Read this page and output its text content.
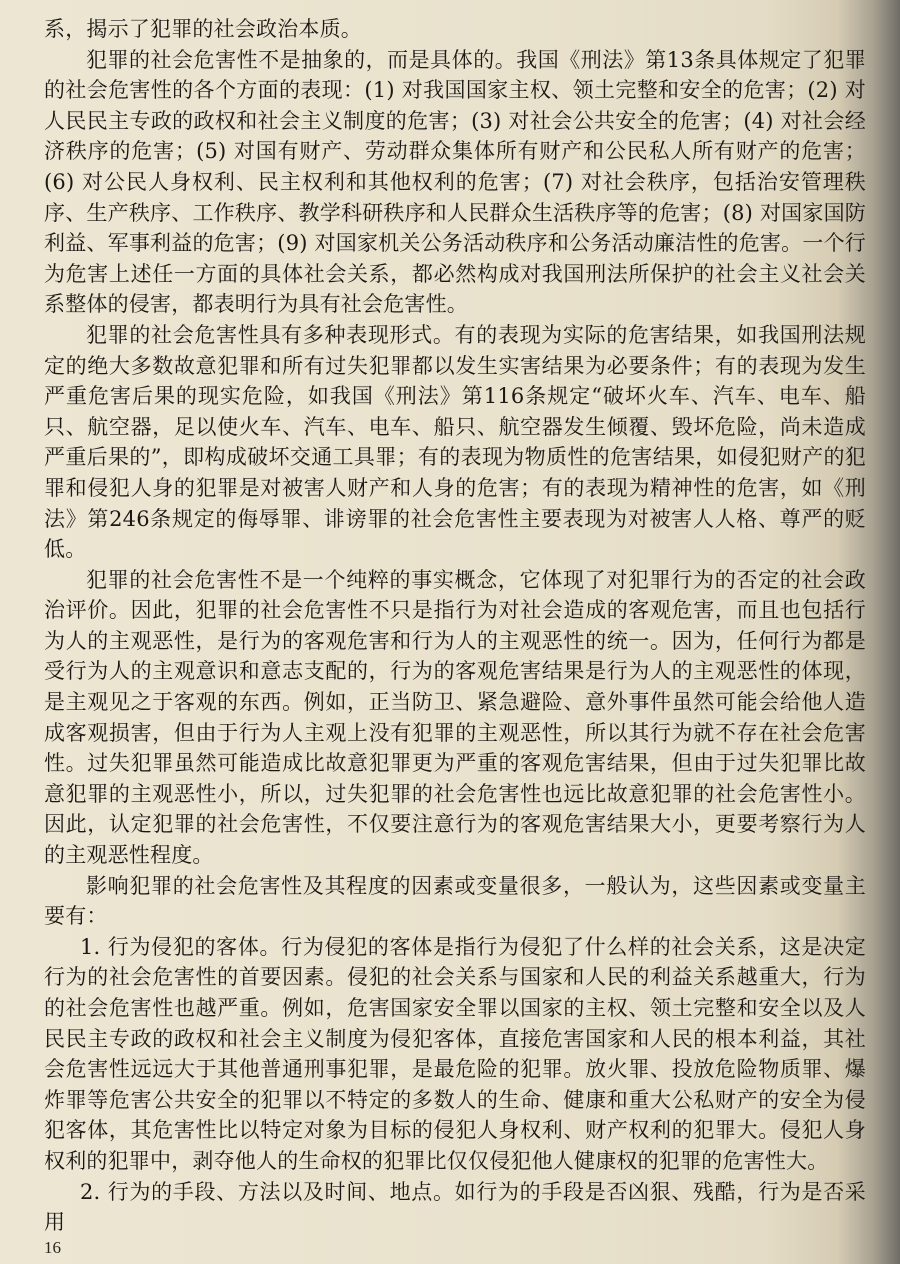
系，揭示了犯罪的社会政治本质。

犯罪的社会危害性不是抽象的，而是具体的。我国《刑法》第13条具体规定了犯罪的社会危害性的各个方面的表现：(1) 对我国国家主权、领土完整和安全的危害；(2) 对人民民主专政的政权和社会主义制度的危害；(3) 对社会公共安全的危害；(4) 对社会经济秩序的危害；(5) 对国有财产、劳动群众集体所有财产和公民私人所有财产的危害；(6) 对公民人身权利、民主权利和其他权利的危害；(7) 对社会秩序，包括治安管理秩序、生产秩序、工作秩序、教学科研秩序和人民群众生活秩序等的危害；(8) 对国家国防利益、军事利益的危害；(9) 对国家机关公务活动秩序和公务活动廉洁性的危害。一个行为危害上述任一方面的具体社会关系，都必然构成对我国刑法所保护的社会主义社会关系整体的侵害，都表明行为具有社会危害性。

犯罪的社会危害性具有多种表现形式。有的表现为实际的危害结果，如我国刑法规定的绝大多数故意犯罪和所有过失犯罪都以发生实害结果为必要条件；有的表现为发生严重危害后果的现实危险，如我国《刑法》第116条规定“破坏火车、汽车、电车、船只、航空器，足以使火车、汽车、电车、船只、航空器发生倾覆、毁坏危险，尚未造成严重后果的”，即构成破坏交通工具罪；有的表现为物质性的危害结果，如侵犯财产的犯罪和侵犯人身的犯罪是对被害人财产和人身的危害；有的表现为精神性的危害，如《刑法》第246条规定的侮辱罪、诽谤罪的社会危害性主要表现为对被害人人格、尊严的贬低。

犯罪的社会危害性不是一个纯粹的事实概念，它体现了对犯罪行为的否定的社会政治评价。因此，犯罪的社会危害性不只是指行为对社会造成的客观危害，而且也包括行为人的主观恶性，是行为的客观危害和行为人的主观恶性的统一。因为，任何行为都是受行为人的主观意识和意志支配的，行为的客观危害结果是行为人的主观恶性的体现，是主观见之于客观的东西。例如，正当防卫、紧急避险、意外事件虽然可能会给他人造成客观损害，但由于行为人主观上没有犯罪的主观恶性，所以其行为就不存在社会危害性。过失犯罪虽然可能造成比故意犯罪更为严重的客观危害结果，但由于过失犯罪比故意犯罪的主观恶性小，所以，过失犯罪的社会危害性也远比故意犯罪的社会危害性小。因此，认定犯罪的社会危害性，不仅要注意行为的客观危害结果大小，更要考察行为人的主观恶性程度。

影响犯罪的社会危害性及其程度的因素或变量很多，一般认为，这些因素或变量主要有：

1. 行为侵犯的客体。行为侵犯的客体是指行为侵犯了什么样的社会关系，这是决定行为的社会危害性的首要因素。侵犯的社会关系与国家和人民的利益关系越重大，行为的社会危害性也越严重。例如，危害国家安全罪以国家的主权、领土完整和安全以及人民民主专政的政权和社会主义制度为侵犯客体，直接危害国家和人民的根本利益，其社会危害性远远大于其他普通刑事犯罪，是最危险的犯罪。放火罪、投放危险物质罪、爆炸罪等危害公共安全的犯罪以不特定的多数人的生命、健康和重大公私财产的安全为侵犯客体，其危害性比以特定对象为目标的侵犯人身权利、财产权利的犯罪大。侵犯人身权利的犯罪中，剥夺他人的生命权的犯罪比仅仅侵犯他人健康权的犯罪的危害性大。

2. 行为的手段、方法以及时间、地点。如行为的手段是否凶狠、残酷，行为是否采用

16
